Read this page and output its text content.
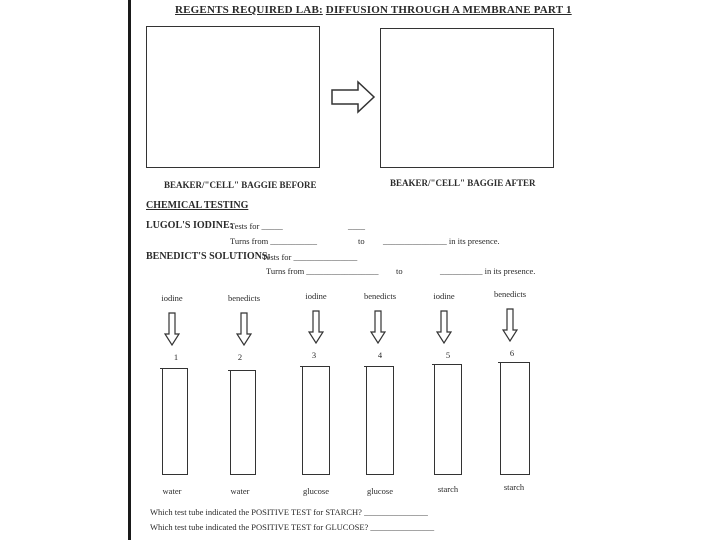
REGENTS REQUIRED LAB: DIFFUSION THROUGH A MEMBRANE PART 1
BEAKER/"CELL" BAGGIE BEFORE	BEAKER/"CELL" BAGGIE AFTER
CHEMICAL TESTING
LUGOL'S IODINE:
Tests for _____	____
Turns from ___________	to _______________ in its presence.
BENEDICT'S SOLUTIONS:
Tests for _______________
Turns from _________________ to	__________ in its presence.
iodine
1
water
benedicts
2
water
iodine
3
glucose
benedicts
4
glucose
iodine
5
starch
benedicts
6
starch
Which test tube indicated the POSITIVE TEST for STARCH? _______________
Which test tube indicated the POSITIVE TEST for GLUCOSE? _______________
